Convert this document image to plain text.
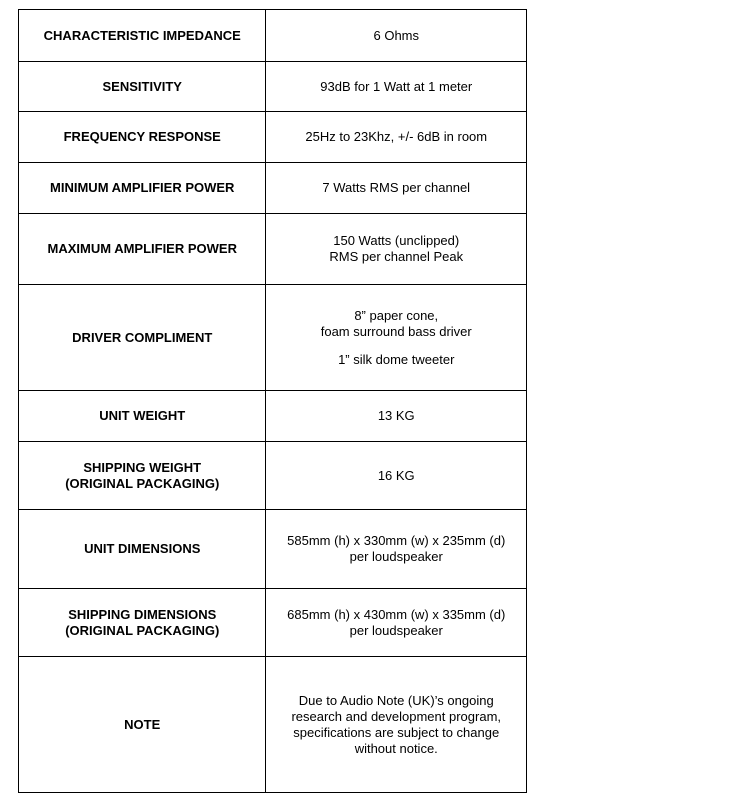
CHARACTERISTIC IMPEDANCE	6 Ohms

SENSITIVITY	93dB for 1 Watt at 1 meter

FREQUENCY RESPONSE	25Hz to 23Khz, +/- 6dB in room

MINIMUM AMPLIFIER POWER	7 Watts RMS per channel

MAXIMUM AMPLIFIER POWER	150 Watts (unclipped)
RMS per channel Peak

DRIVER COMPLIMENT	8” paper cone,
foam surround bass driver
1” silk dome tweeter

UNIT WEIGHT	13 KG

SHIPPING WEIGHT
(ORIGINAL PACKAGING)	16 KG

UNIT DIMENSIONS	585mm (h) x 330mm (w) x 235mm (d)
per loudspeaker

SHIPPING DIMENSIONS
(ORIGINAL PACKAGING)	685mm (h) x 430mm (w) x 335mm (d)
per loudspeaker

NOTE	Due to Audio Note (UK)’s ongoing
research and development program,
specifications are subject to change
without notice.
